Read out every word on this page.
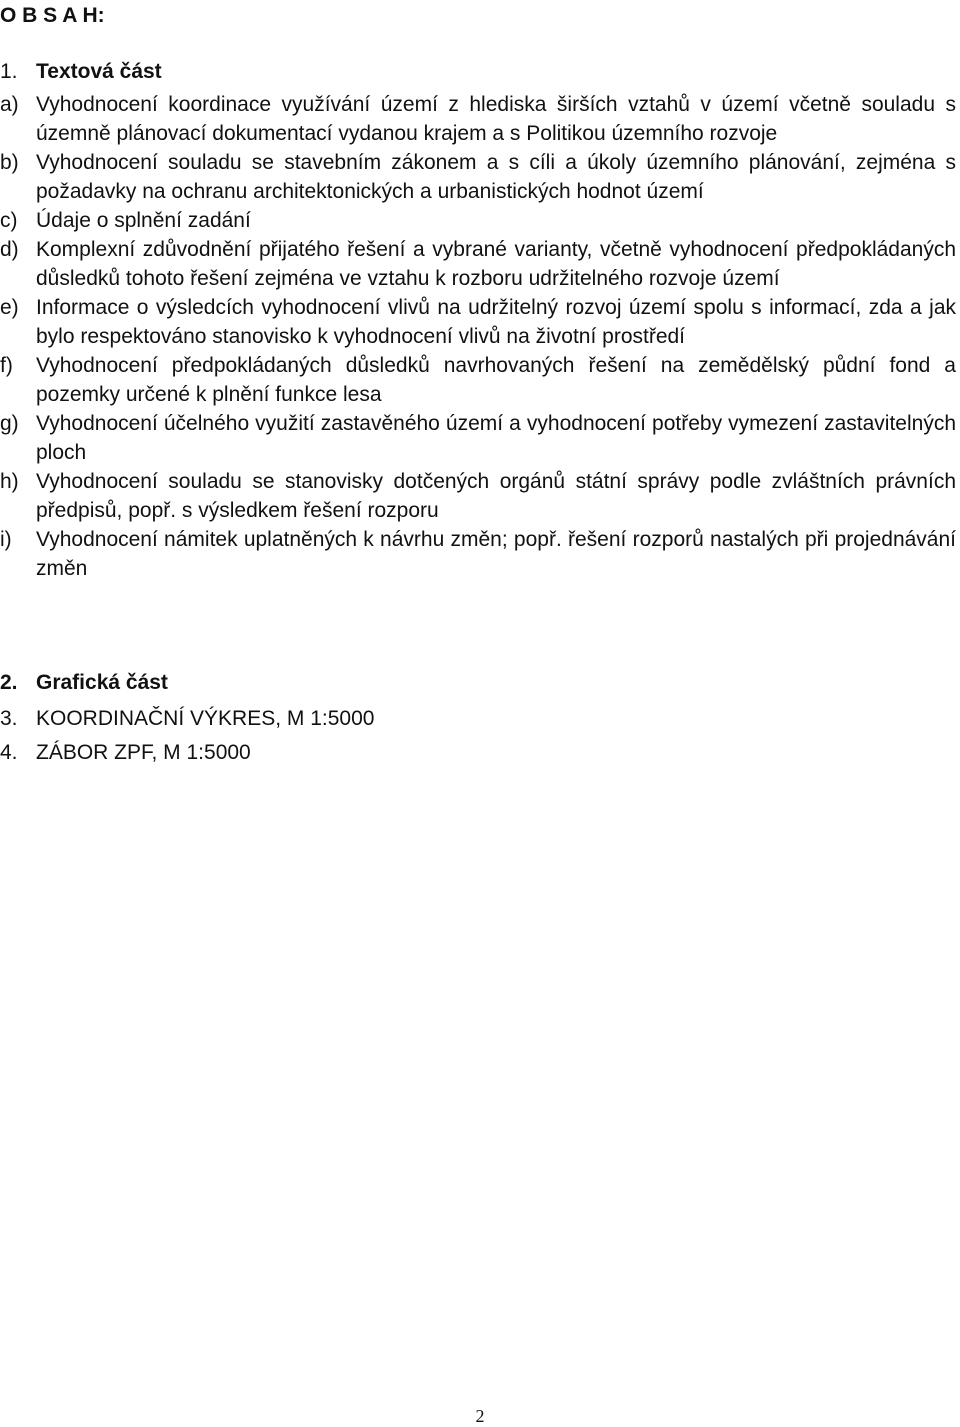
O B S A H:
1. Textová část
a) Vyhodnocení koordinace využívání území z hlediska širších vztahů v území včetně souladu s územně plánovací dokumentací vydanou krajem a s Politikou územního rozvoje
b) Vyhodnocení souladu se stavebním zákonem a s cíli a úkoly územního plánování, zejména s požadavky na ochranu architektonických a urbanistických hodnot území
c) Údaje o splnění zadání
d) Komplexní zdůvodnění přijatého řešení a vybrané varianty, včetně vyhodnocení předpokládaných důsledků tohoto řešení zejména ve vztahu k rozboru udržitelného rozvoje území
e) Informace o výsledcích vyhodnocení vlivů na udržitelný rozvoj území spolu s informací, zda a jak bylo respektováno stanovisko k vyhodnocení vlivů na životní prostředí
f) Vyhodnocení předpokládaných důsledků navrhovaných řešení na zemědělský půdní fond a pozemky určené k plnění funkce lesa
g) Vyhodnocení účelného využití zastavěného území a vyhodnocení potřeby vymezení zastavitelných ploch
h) Vyhodnocení souladu se stanovisky dotčených orgánů státní správy podle zvláštních právních předpisů, popř. s výsledkem řešení rozporu
i) Vyhodnocení námitek uplatněných k návrhu změn; popř. řešení rozporů nastalých při projednávání změn
2. Grafická část
3. KOORDINAČNÍ VÝKRES, M 1:5000
4. ZÁBOR ZPF, M 1:5000
2
